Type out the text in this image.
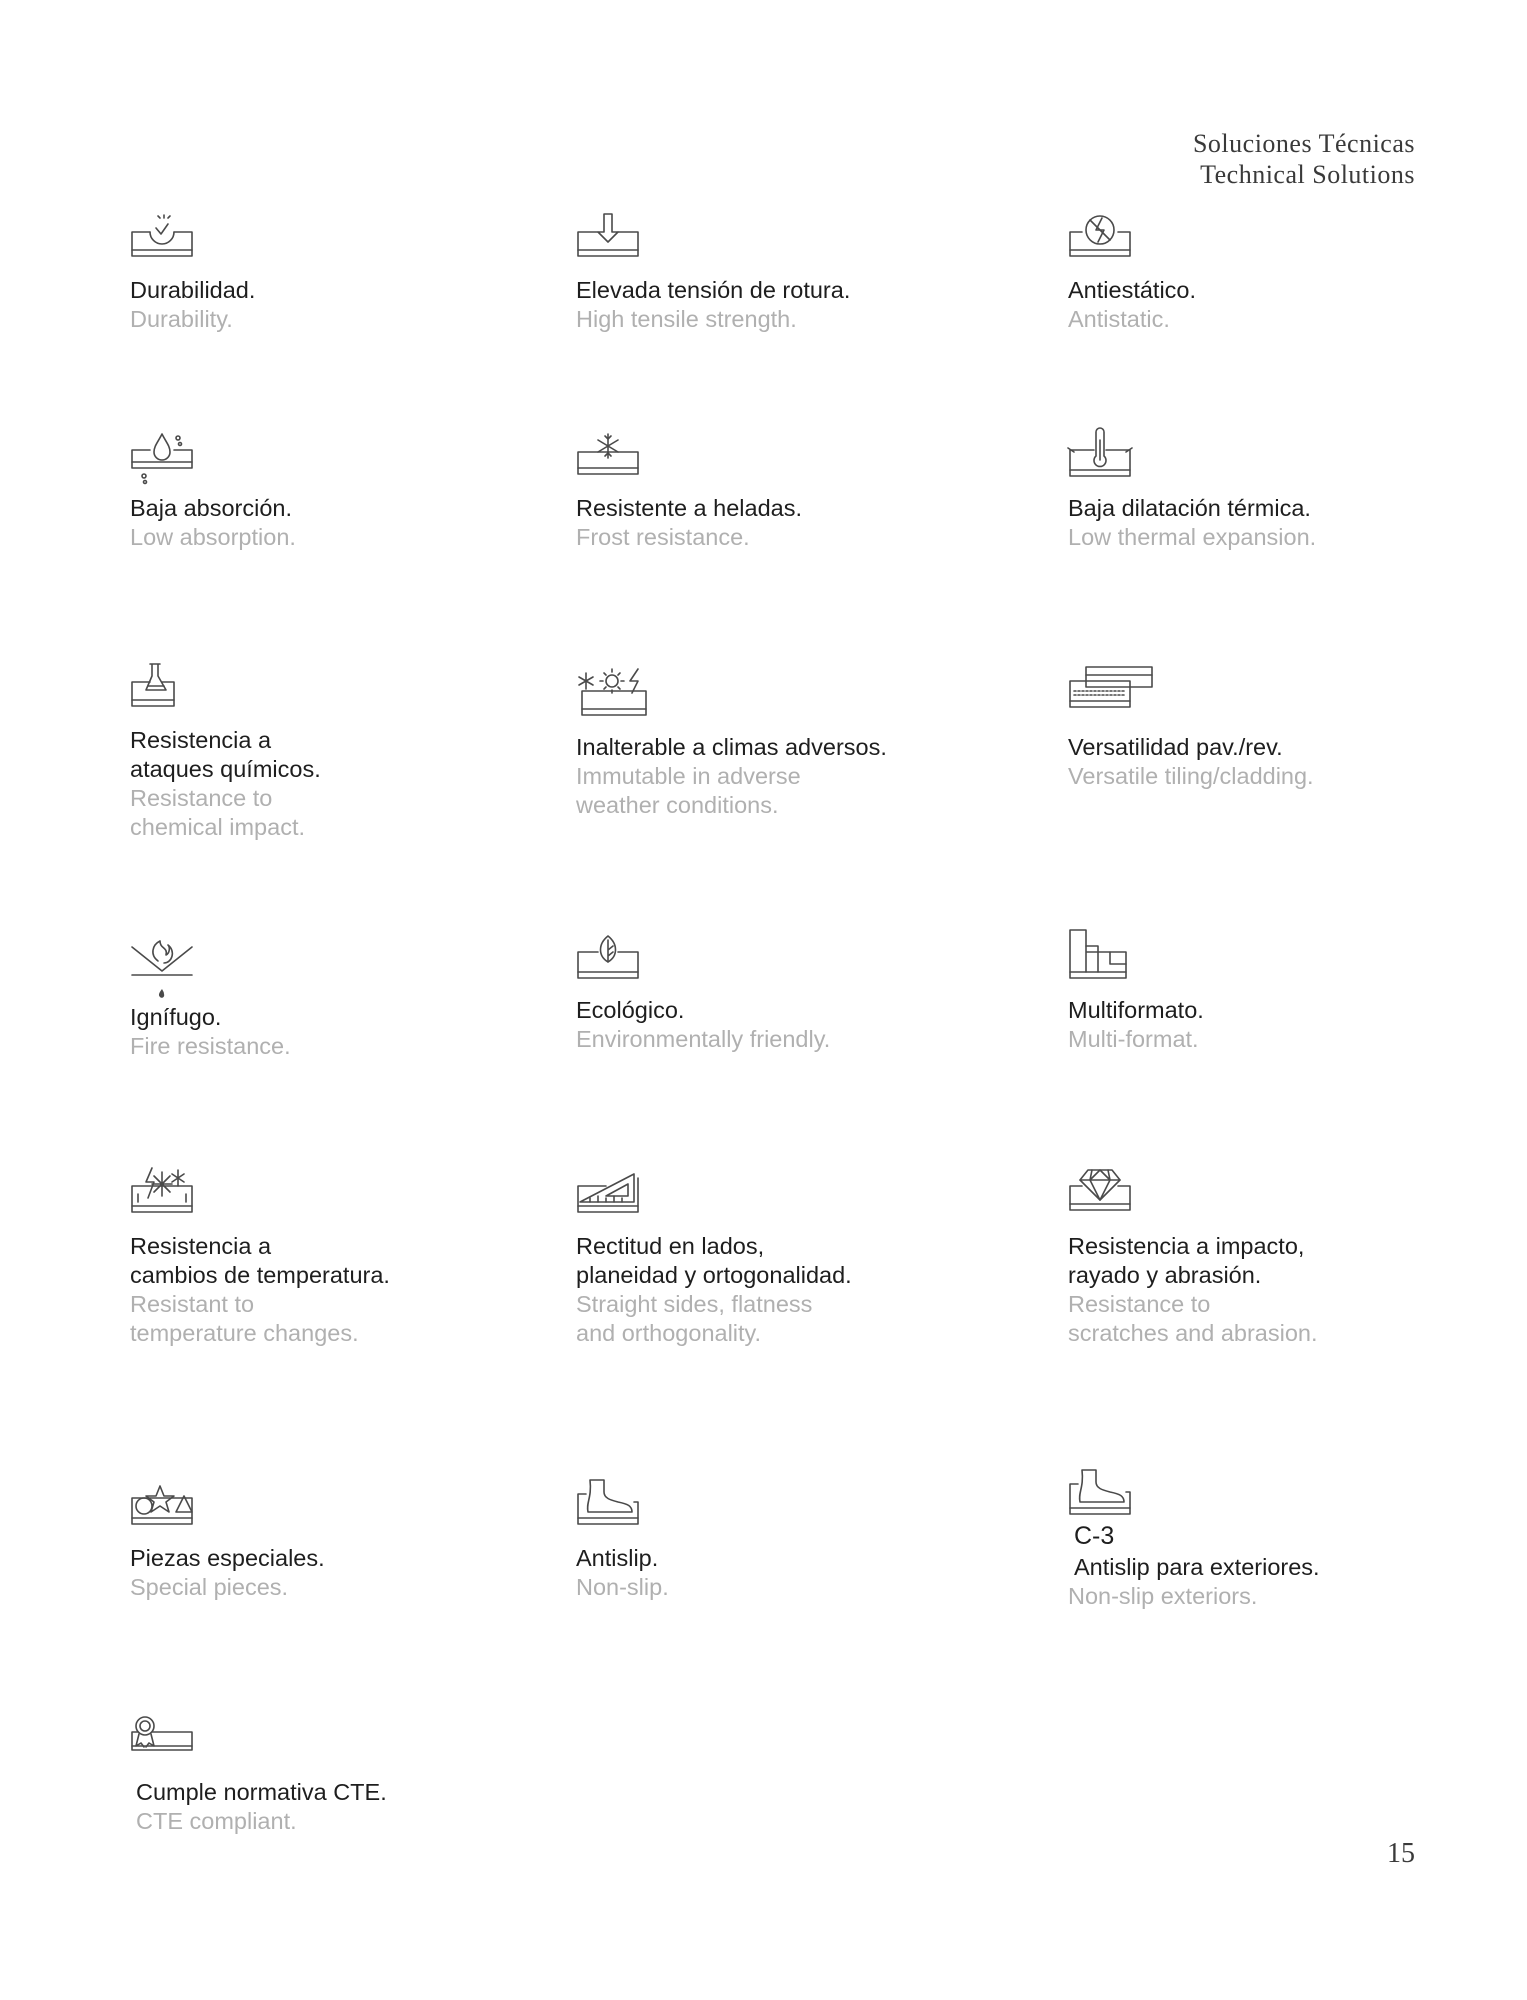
Soluciones Técnicas
Technical Solutions
Durabilidad.
Durability.
Elevada tensión de rotura.
High tensile strength.
Antiestático.
Antistatic.
Baja absorción.
Low absorption.
Resistente a heladas.
Frost resistance.
Baja dilatación térmica.
Low thermal expansion.
Resistencia a
ataques químicos.
Resistance to
chemical impact.
Inalterable a climas adversos.
Immutable in adverse
weather conditions.
Versatilidad pav./rev.
Versatile tiling/cladding.
Ignífugo.
Fire resistance.
Ecológico.
Environmentally friendly.
Multiformato.
Multi-format.
Resistencia a
cambios de temperatura.
Resistant to
temperature changes.
Rectitud en lados,
planeidad y ortogonalidad.
Straight sides, flatness
and orthogonality.
Resistencia a impacto,
rayado y abrasión.
Resistance to
scratches and abrasion.
Piezas especiales.
Special pieces.
Antislip.
Non-slip.
C-3
Antislip para exteriores.
Non-slip exteriors.
Cumple normativa CTE.
CTE compliant.
15
